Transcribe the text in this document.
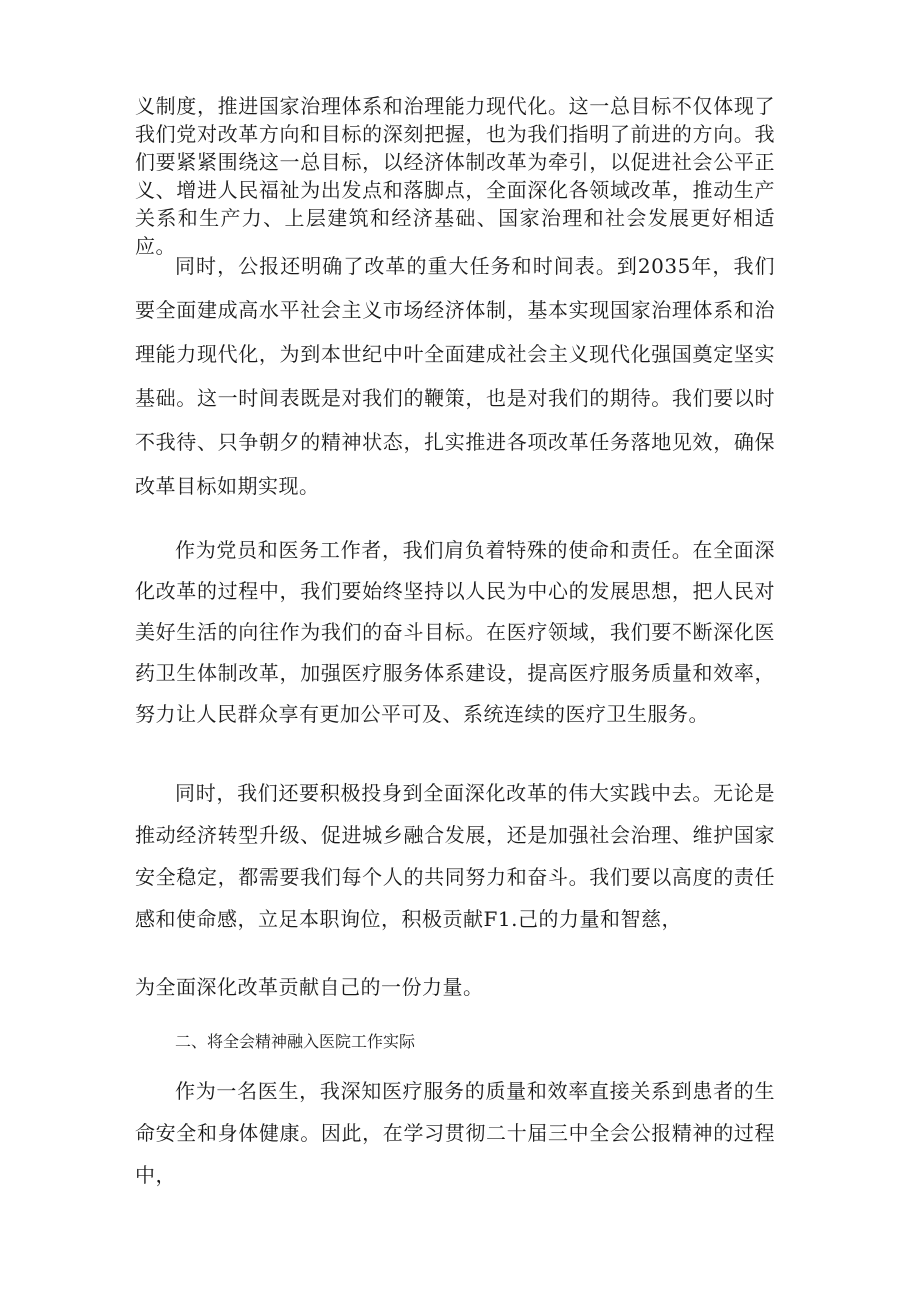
义制度，推进国家治理体系和治理能力现代化。这一总目标不仅体现了我们党对改革方向和目标的深刻把握，也为我们指明了前进的方向。我们要紧紧围绕这一总目标，以经济体制改革为牵引，以促进社会公平正义、增进人民福祉为出发点和落脚点，全面深化各领域改革，推动生产关系和生产力、上层建筑和经济基础、国家治理和社会发展更好相适应。

同时，公报还明确了改革的重大任务和时间表。到2035年，我们要全面建成高水平社会主义市场经济体制，基本实现国家治理体系和治理能力现代化，为到本世纪中叶全面建成社会主义现代化强国奠定坚实基础。这一时间表既是对我们的鞭策，也是对我们的期待。我们要以时不我待、只争朝夕的精神状态，扎实推进各项改革任务落地见效，确保改革目标如期实现。

作为党员和医务工作者，我们肩负着特殊的使命和责任。在全面深化改革的过程中，我们要始终坚持以人民为中心的发展思想，把人民对美好生活的向往作为我们的奋斗目标。在医疗领域，我们要不断深化医药卫生体制改革，加强医疗服务体系建设，提高医疗服务质量和效率，努力让人民群众享有更加公平可及、系统连续的医疗卫生服务。

同时，我们还要积极投身到全面深化改革的伟大实践中去。无论是推动经济转型升级、促进城乡融合发展，还是加强社会治理、维护国家安全稳定，都需要我们每个人的共同努力和奋斗。我们要以高度的责任感和使命感，立足本职询位，积极贡献F1.己的力量和智慈，

为全面深化改革贡献自己的一份力量。

二、将全会精神融入医院工作实际

作为一名医生，我深知医疗服务的质量和效率直接关系到患者的生命安全和身体健康。因此，在学习贯彻二十届三中全会公报精神的过程中，
